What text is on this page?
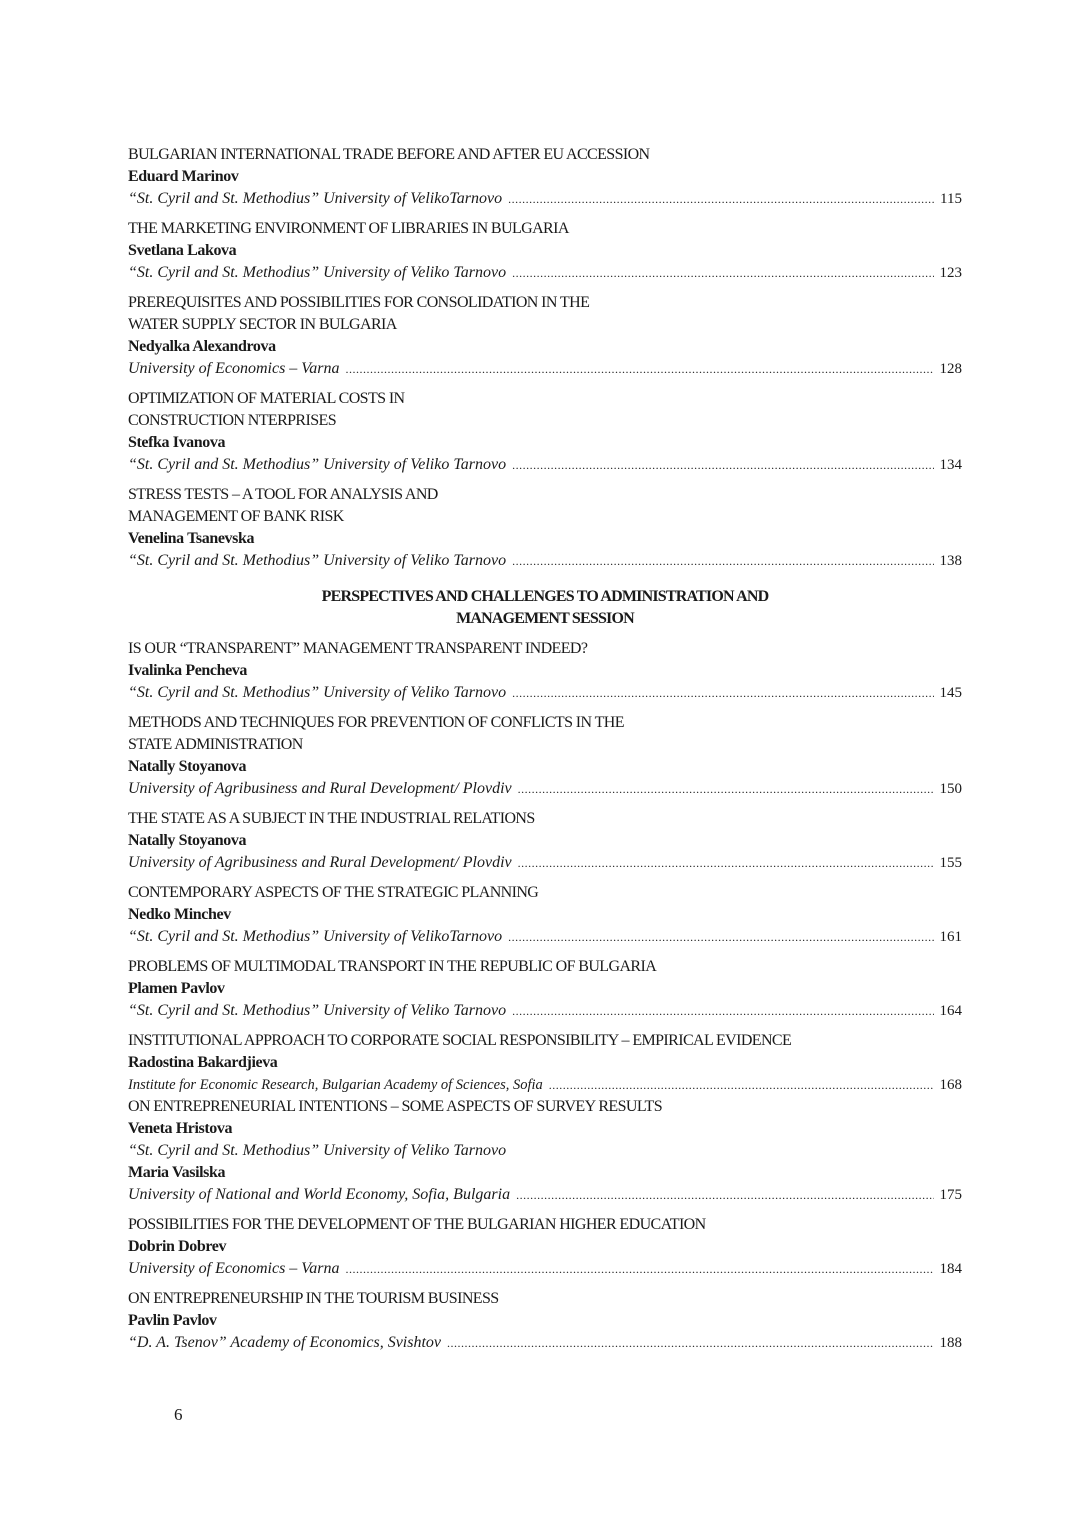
BULGARIAN INTERNATIONAL TRADE BEFORE AND AFTER EU ACCESSION
Eduard Marinov
“St. Cyril and St. Methodius” University of VelikoTarnovo .....	115
THE MARKETING ENVIRONMENT OF LIBRARIES IN BULGARIA
Svetlana Lakova
“St. Cyril and St. Methodius” University of Veliko Tarnovo .....	123
PREREQUISITES AND POSSIBILITIES FOR CONSOLIDATION IN THE
WATER SUPPLY SECTOR IN BULGARIA
Nedyalka Alexandrova
University of Economics – Varna .....	128
OPTIMIZATION OF MATERIAL COSTS IN
CONSTRUCTION NTERPRISES
Stefka Ivanova
“St. Cyril and St. Methodius” University of Veliko Tarnovo .....	134
STRESS TESTS – A TOOL FOR ANALYSIS AND
MANAGEMENT OF BANK RISK
Venelina Tsanevska
“St. Cyril and St. Methodius” University of Veliko Tarnovo .....	138
PERSPECTIVES AND CHALLENGES TO ADMINISTRATION AND
MANAGEMENT SESSION
IS OUR “TRANSPARENT” MANAGEMENT TRANSPARENT INDEED?
Ivalinka Pencheva
“St. Cyril and St. Methodius” University of Veliko Tarnovo .....	145
METHODS AND TECHNIQUES FOR PREVENTION OF CONFLICTS IN THE
STATE ADMINISTRATION
Natally Stoyanova
University of Agribusiness and Rural Development/ Plovdiv .....	150
THE STATE AS A SUBJECT IN THE INDUSTRIAL RELATIONS
Natally Stoyanova
University of Agribusiness and Rural Development/ Plovdiv .....	155
CONTEMPORARY ASPECTS OF THE STRATEGIC PLANNING
Nedko Minchev
“St. Cyril and St. Methodius” University of VelikoTarnovo .....	161
PROBLEMS OF MULTIMODAL TRANSPORT IN THE REPUBLIC OF BULGARIA
Plamen Pavlov
“St. Cyril and St. Methodius” University of Veliko Tarnovo .....	164
INSTITUTIONAL APPROACH TO CORPORATE SOCIAL RESPONSIBILITY – EMPIRICAL EVIDENCE
Radostina Bakardjieva
Institute for Economic Research, Bulgarian Academy of Sciences, Sofia .....	168
ON ENTREPRENEURIAL INTENTIONS – SOME ASPECTS OF SURVEY RESULTS
Veneta Hristova
“St. Cyril and St. Methodius” University of Veliko Tarnovo
Maria Vasilska
University of National and World Economy, Sofia, Bulgaria .....	175
POSSIBILITIES FOR THE DEVELOPMENT OF THE BULGARIAN HIGHER EDUCATION
Dobrin Dobrev
University of Economics – Varna .....	184
ON ENTREPRENEURSHIP IN THE TOURISM BUSINESS
Pavlin Pavlov
“D. A. Tsenov” Academy of Economics, Svishtov .....	188
6
